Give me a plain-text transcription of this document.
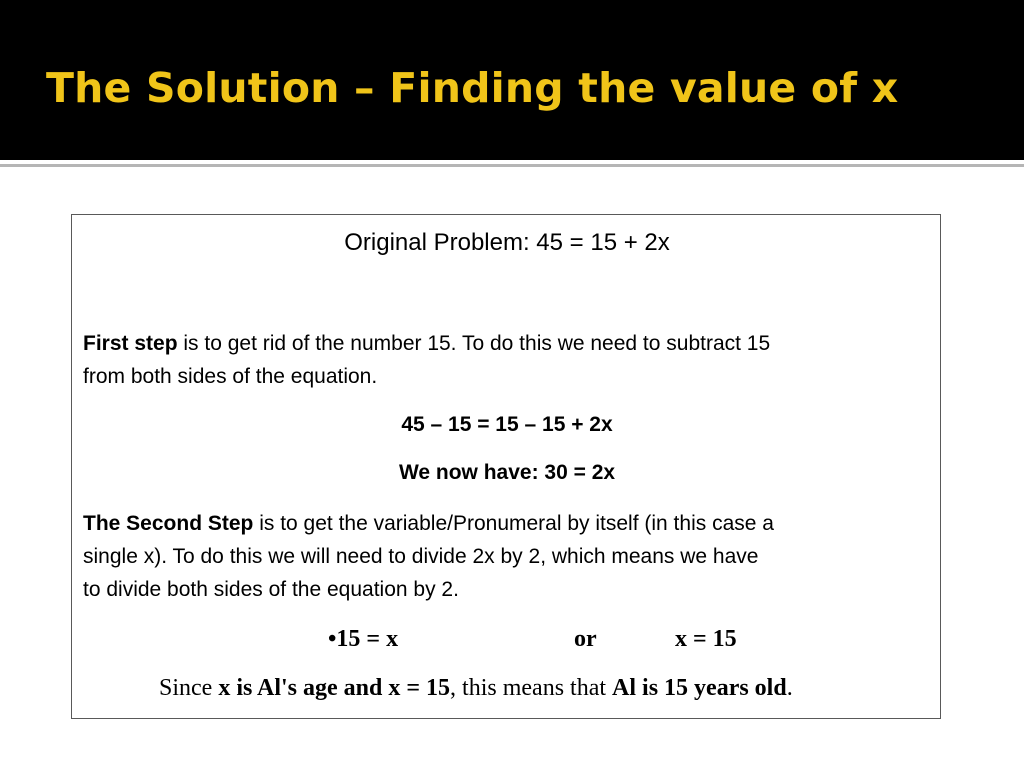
The Solution – Finding the value of x
Original Problem: 45 = 15 + 2x
First step is to get rid of the number 15. To do this we need to subtract 15
from both sides of the equation.
45 – 15 = 15 – 15 + 2x
We now have: 30 = 2x
The Second Step is to get the variable/Pronumeral by itself (in this case a
single x). To do this we will need to divide 2x by 2, which means we have
to divide both sides of the equation by 2.
•15 = x	or	x = 15
Since x is Al's age and x = 15, this means that Al is 15 years old.
